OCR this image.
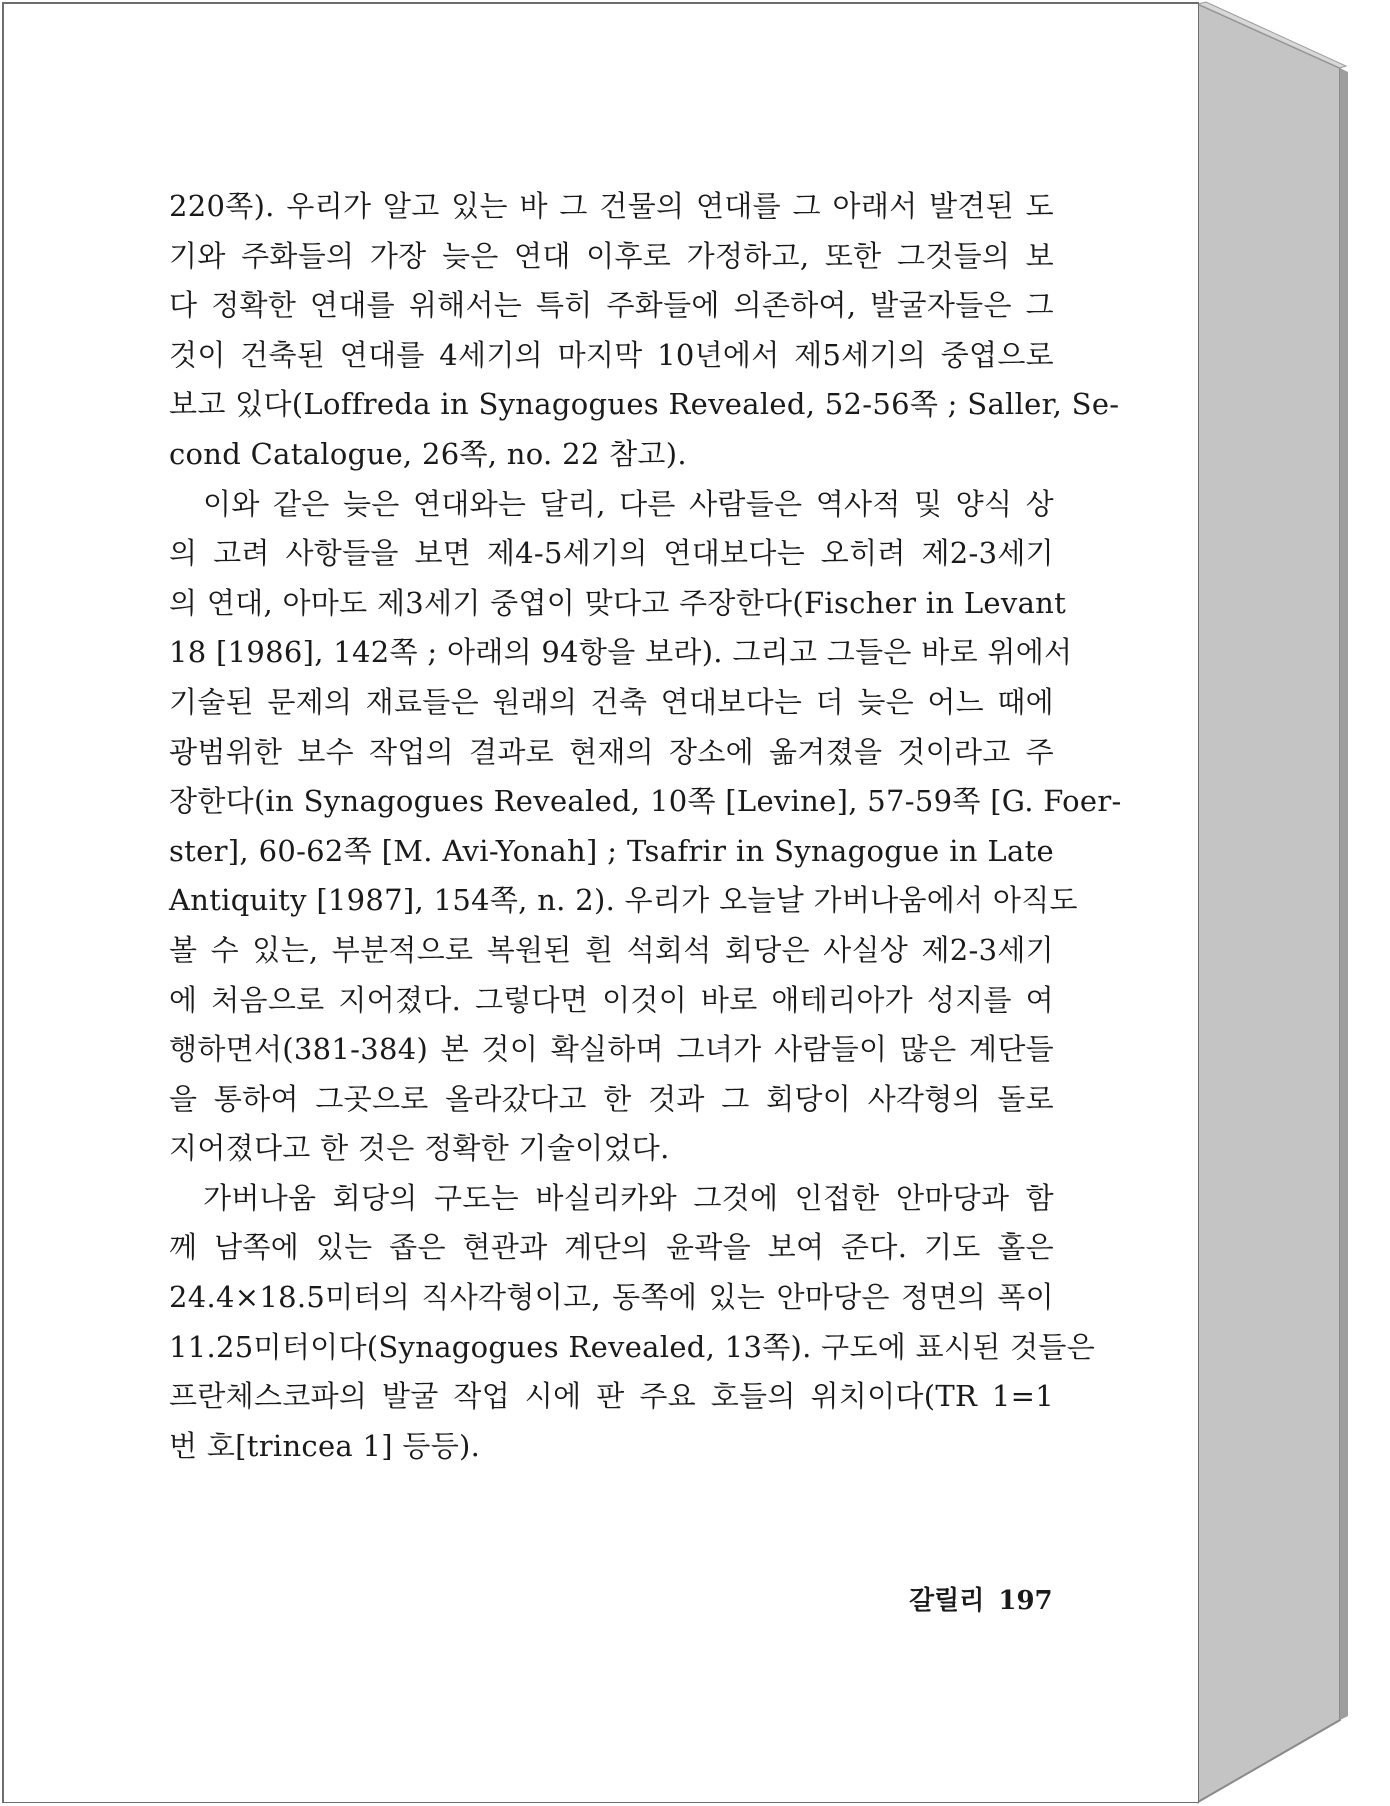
220쪽). 우리가 알고 있는 바 그 건물의 연대를 그 아래서 발견된 도
기와 주화들의 가장 늦은 연대 이후로 가정하고, 또한 그것들의 보
다 정확한 연대를 위해서는 특히 주화들에 의존하여, 발굴자들은 그
것이 건축된 연대를 4세기의 마지막 10년에서 제5세기의 중엽으로
보고 있다(Loffreda in Synagogues Revealed, 52-56쪽 ; Saller, Se-
cond Catalogue, 26쪽, no. 22 참고).
이와 같은 늦은 연대와는 달리, 다른 사람들은 역사적 및 양식 상
의 고려 사항들을 보면 제4-5세기의 연대보다는 오히려 제2-3세기
의 연대, 아마도 제3세기 중엽이 맞다고 주장한다(Fischer in Levant
18 [1986], 142쪽 ; 아래의 94항을 보라). 그리고 그들은 바로 위에서
기술된 문제의 재료들은 원래의 건축 연대보다는 더 늦은 어느 때에
광범위한 보수 작업의 결과로 현재의 장소에 옮겨졌을 것이라고 주
장한다(in Synagogues Revealed, 10쪽 [Levine], 57-59쪽 [G. Foer-
ster], 60-62쪽 [M. Avi-Yonah] ; Tsafrir in Synagogue in Late
Antiquity [1987], 154쪽, n. 2). 우리가 오늘날 가버나움에서 아직도
볼 수 있는, 부분적으로 복원된 흰 석회석 회당은 사실상 제2-3세기
에 처음으로 지어졌다. 그렇다면 이것이 바로 애테리아가 성지를 여
행하면서(381-384) 본 것이 확실하며 그녀가 사람들이 많은 계단들
을 통하여 그곳으로 올라갔다고 한 것과 그 회당이 사각형의 돌로
지어졌다고 한 것은 정확한 기술이었다.
가버나움 회당의 구도는 바실리카와 그것에 인접한 안마당과 함
께 남쪽에 있는 좁은 현관과 계단의 윤곽을 보여 준다. 기도 홀은
24.4×18.5미터의 직사각형이고, 동쪽에 있는 안마당은 정면의 폭이
11.25미터이다(Synagogues Revealed, 13쪽). 구도에 표시된 것들은
프란체스코파의 발굴 작업 시에 판 주요 호들의 위치이다(TR 1=1
번 호[trincea 1] 등등).
갈릴리 197
